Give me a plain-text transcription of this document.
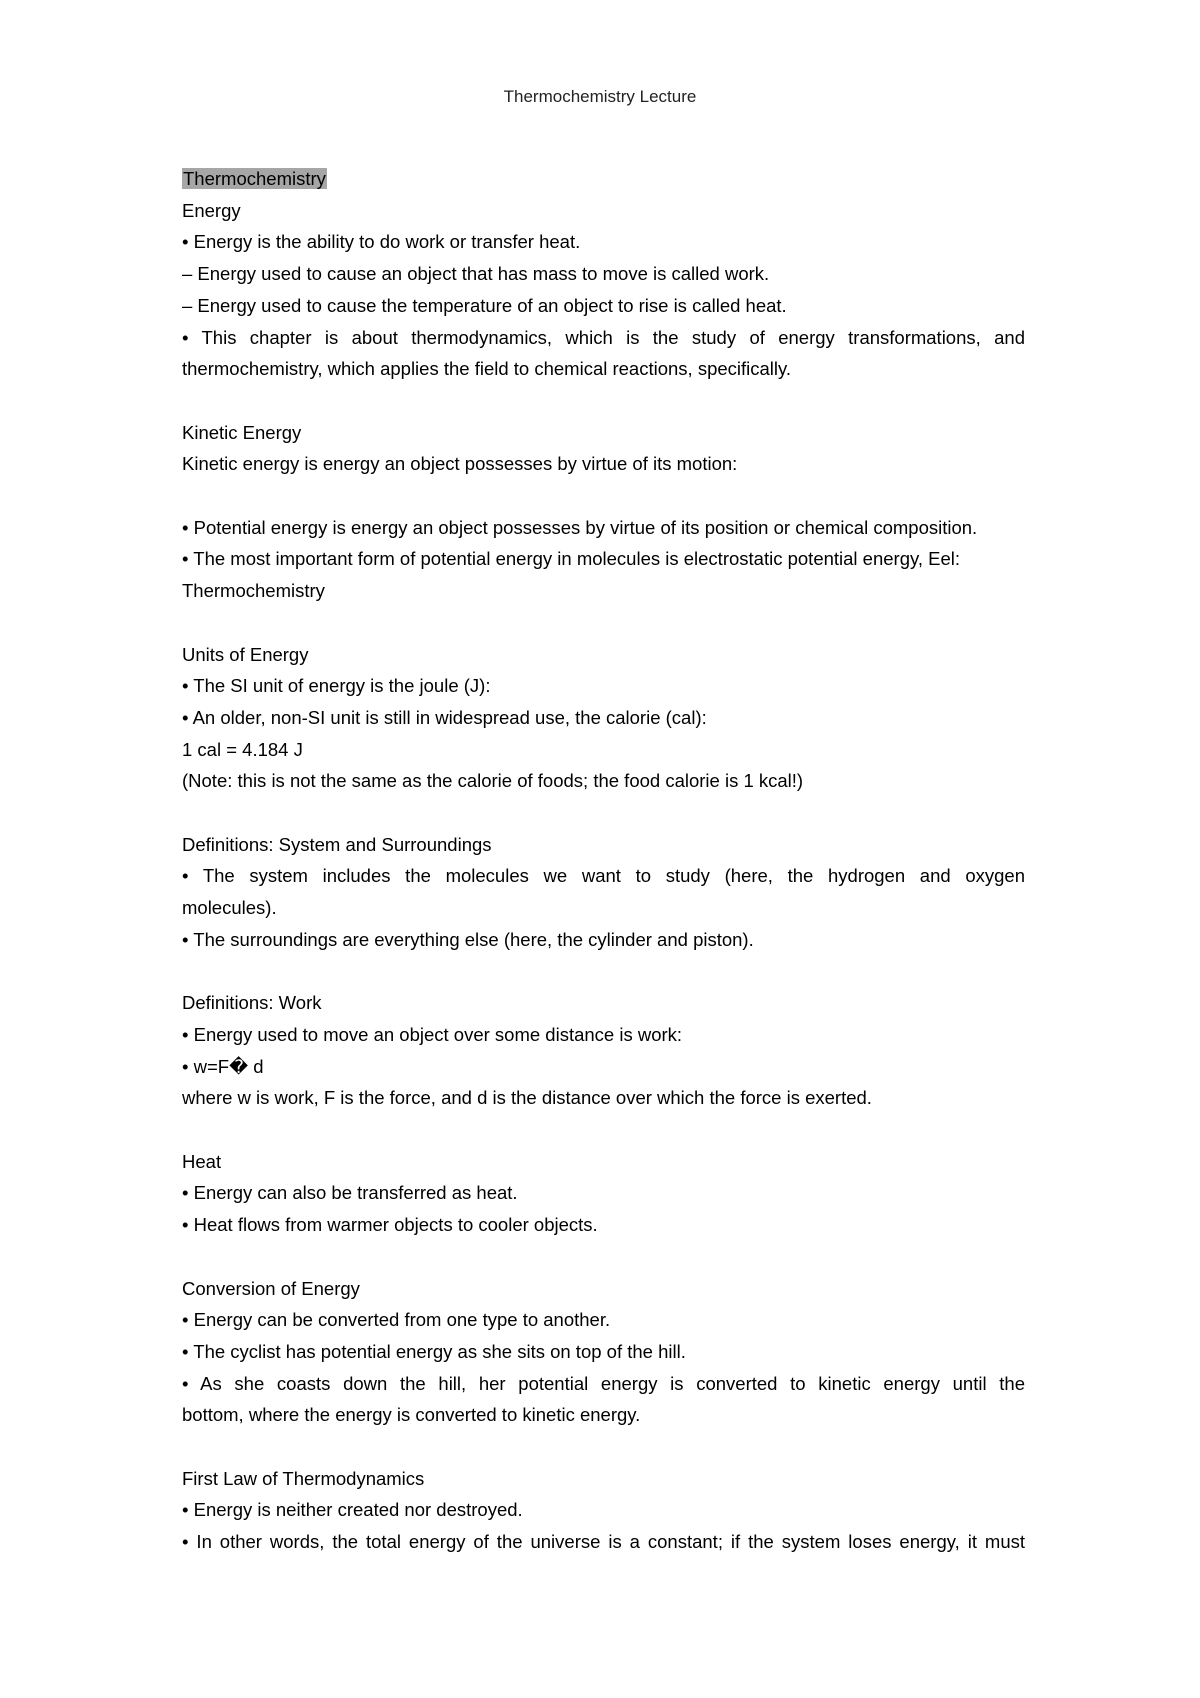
Thermochemistry Lecture
Thermochemistry
Energy
• Energy is the ability to do work or transfer heat.
– Energy used to cause an object that has mass to move is called work.
– Energy used to cause the temperature of an object to rise is called heat.
• This chapter is about thermodynamics, which is the study of energy transformations, and
thermochemistry, which applies the field to chemical reactions, specifically.
Kinetic Energy
Kinetic energy is energy an object possesses by virtue of its motion:
• Potential energy is energy an object possesses by virtue of its position or chemical composition.
• The most important form of potential energy in molecules is electrostatic potential energy, Eel:
Thermochemistry
Units of Energy
• The SI unit of energy is the joule (J):
• An older, non-SI unit is still in widespread use, the calorie (cal):
1 cal = 4.184 J
(Note: this is not the same as the calorie of foods; the food calorie is 1 kcal!)
Definitions: System and Surroundings
• The system includes the molecules we want to study (here, the hydrogen and oxygen
molecules).
• The surroundings are everything else (here, the cylinder and piston).
Definitions: Work
• Energy used to move an object over some distance is work:
• w=F� d
where w is work, F is the force, and d is the distance over which the force is exerted.
Heat
• Energy can also be transferred as heat.
• Heat flows from warmer objects to cooler objects.
Conversion of Energy
• Energy can be converted from one type to another.
• The cyclist has potential energy as she sits on top of the hill.
• As she coasts down the hill, her potential energy is converted to kinetic energy until the
bottom, where the energy is converted to kinetic energy.
First Law of Thermodynamics
• Energy is neither created nor destroyed.
• In other words, the total energy of the universe is a constant; if the system loses energy, it must
